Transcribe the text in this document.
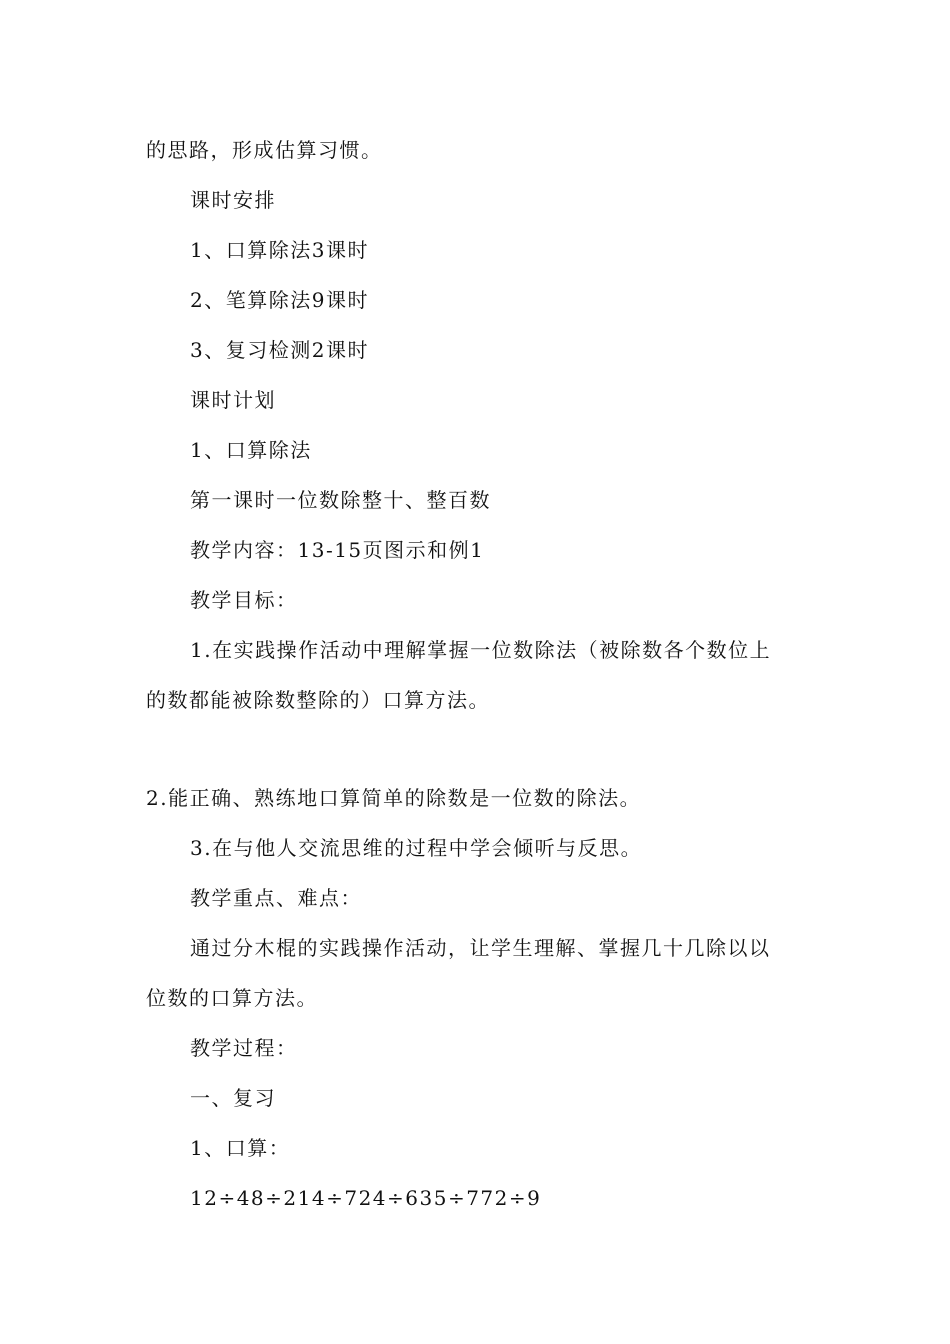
的思路，形成估算习惯。
课时安排
1、口算除法3课时
2、笔算除法9课时
3、复习检测2课时
课时计划
1、口算除法
第一课时一位数除整十、整百数
教学内容：13-15页图示和例1
教学目标：
1.在实践操作活动中理解掌握一位数除法（被除数各个数位上
的数都能被除数整除的）口算方法。
2.能正确、熟练地口算简单的除数是一位数的除法。
3.在与他人交流思维的过程中学会倾听与反思。
教学重点、难点：
通过分木棍的实践操作活动，让学生理解、掌握几十几除以以
位数的口算方法。
教学过程：
一、复习
1、口算：
12÷48÷214÷724÷635÷772÷9
